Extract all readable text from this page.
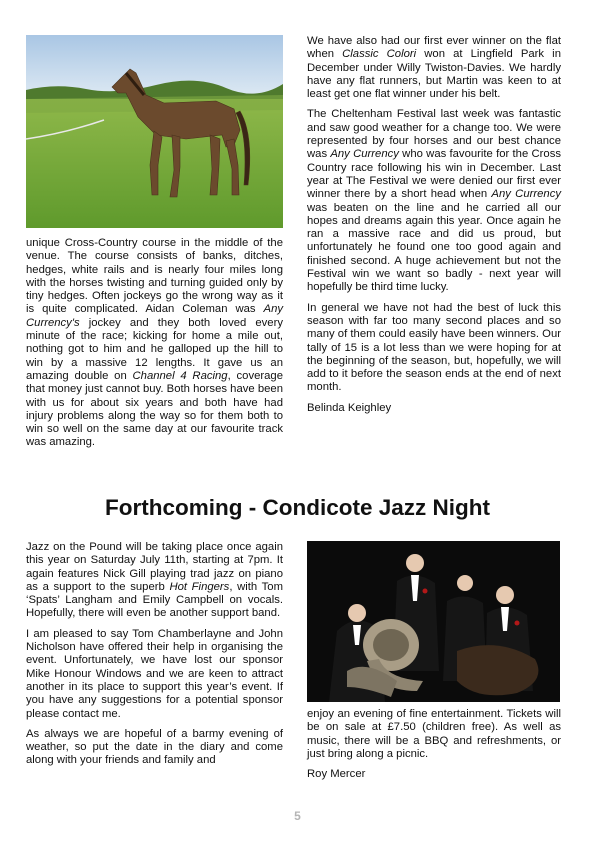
unique Cross-Country course in the middle of the venue. The course consists of banks, ditches, hedges, white rails and is nearly four miles long with the horses twisting and turning guided only by tiny hedges. Often jockeys go the wrong way as it is quite complicated. Aidan Coleman was Any Currency's jockey and they both loved every minute of the race; kicking for home a mile out, nothing got to him and he galloped up the hill to win by a massive 12 lengths. It gave us an amazing double on Channel 4 Racing, coverage that money just cannot buy. Both horses have been with us for about six years and both have had injury problems along the way so for them both to win so well on the same day at our favourite track was amazing.

We have also had our first ever winner on the flat when Classic Colori won at Lingfield Park in December under Willy Twiston-Davies. We hardly have any flat runners, but Martin was keen to at least get one flat winner under his belt.

The Cheltenham Festival last week was fantastic and saw good weather for a change too. We were represented by four horses and our best chance was Any Currency who was favourite for the Cross Country race following his win in December. Last year at The Festival we were denied our first ever winner there by a short head when Any Currency was beaten on the line and he carried all our hopes and dreams again this year. Once again he ran a massive race and did us proud, but unfortunately he found one too good again and finished second. A huge achievement but not the Festival win we want so badly - next year will hopefully be third time lucky.

In general we have not had the best of luck this season with far too many second places and so many of them could easily have been winners. Our tally of 15 is a lot less than we were hoping for at the beginning of the season, but, hopefully, we will add to it before the season ends at the end of next month.

Belinda Keighley

Forthcoming - Condicote Jazz Night

Jazz on the Pound will be taking place once again this year on Saturday July 11th, starting at 7pm. It again features Nick Gill playing trad jazz on piano as a support to the superb Hot Fingers, with Tom ‘Spats’ Langham and Emily Campbell on vocals. Hopefully, there will even be another support band.

I am pleased to say Tom Chamberlayne and John Nicholson have offered their help in organising the event. Unfortunately, we have lost our sponsor Mike Honour Windows and we are keen to attract another in its place to support this year’s event. If you have any suggestions for a potential sponsor please contact me.

As always we are hopeful of a barmy evening of weather, so put the date in the diary and come along with your friends and family and

enjoy an evening of fine entertainment. Tickets will be on sale at £7.50 (children free). As well as music, there will be a BBQ and refreshments, or just bring along a picnic.

Roy Mercer

5
